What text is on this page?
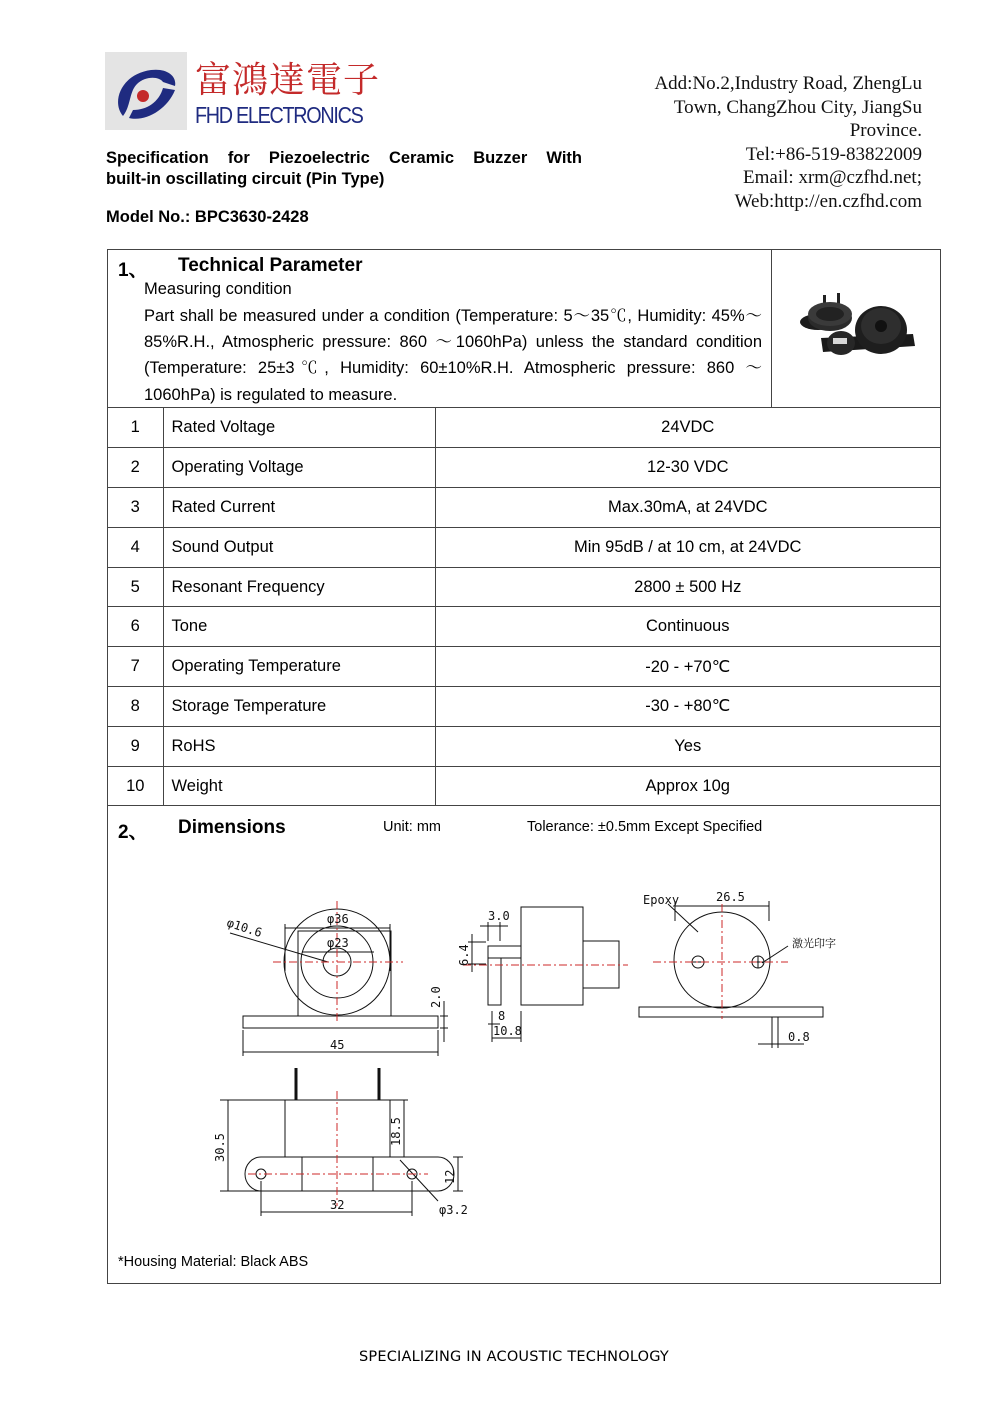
富鴻達電子
FHD ELECTRONICS
Add:No.2,Industry Road, ZhengLu
Town, ChangZhou City, JiangSu
Province.
Tel:+86-519-83822009
Email: xrm@czfhd.net;
Web:http://en.czfhd.com
Specification for Piezoelectric Ceramic Buzzer With
built-in oscillating circuit (Pin Type)
Model No.: BPC3630-2428
1、 Technical Parameter
Measuring condition
Part shall be measured under a condition (Temperature: 5～35℃, Humidity: 45%～85%R.H., Atmospheric pressure: 860 ～1060hPa) unless the standard condition (Temperature: 25±3℃, Humidity: 60±10%R.H. Atmospheric pressure: 860 ～1060hPa) is regulated to measure.
1	Rated Voltage	24VDC
2	Operating Voltage	12-30 VDC
3	Rated Current	Max.30mA, at 24VDC
4	Sound Output	Min 95dB / at 10 cm, at 24VDC
5	Resonant Frequency	2800 ± 500 Hz
6	Tone	Continuous
7	Operating Temperature	-20 - +70℃
8	Storage Temperature	-30 - +80℃
9	RoHS	Yes
10	Weight	Approx 10g
φ36
φ23
φ10.6
45
2.0
3.0
6.4
8
10.8
Epoxy	26.5
激光印字
0.8
30.5
18.5
32
12
φ3.2
2、 Dimensions	Unit: mm	Tolerance: ±0.5mm Except Specified
*Housing Material: Black ABS
SPECIALIZING IN ACOUSTIC TECHNOLOGY
